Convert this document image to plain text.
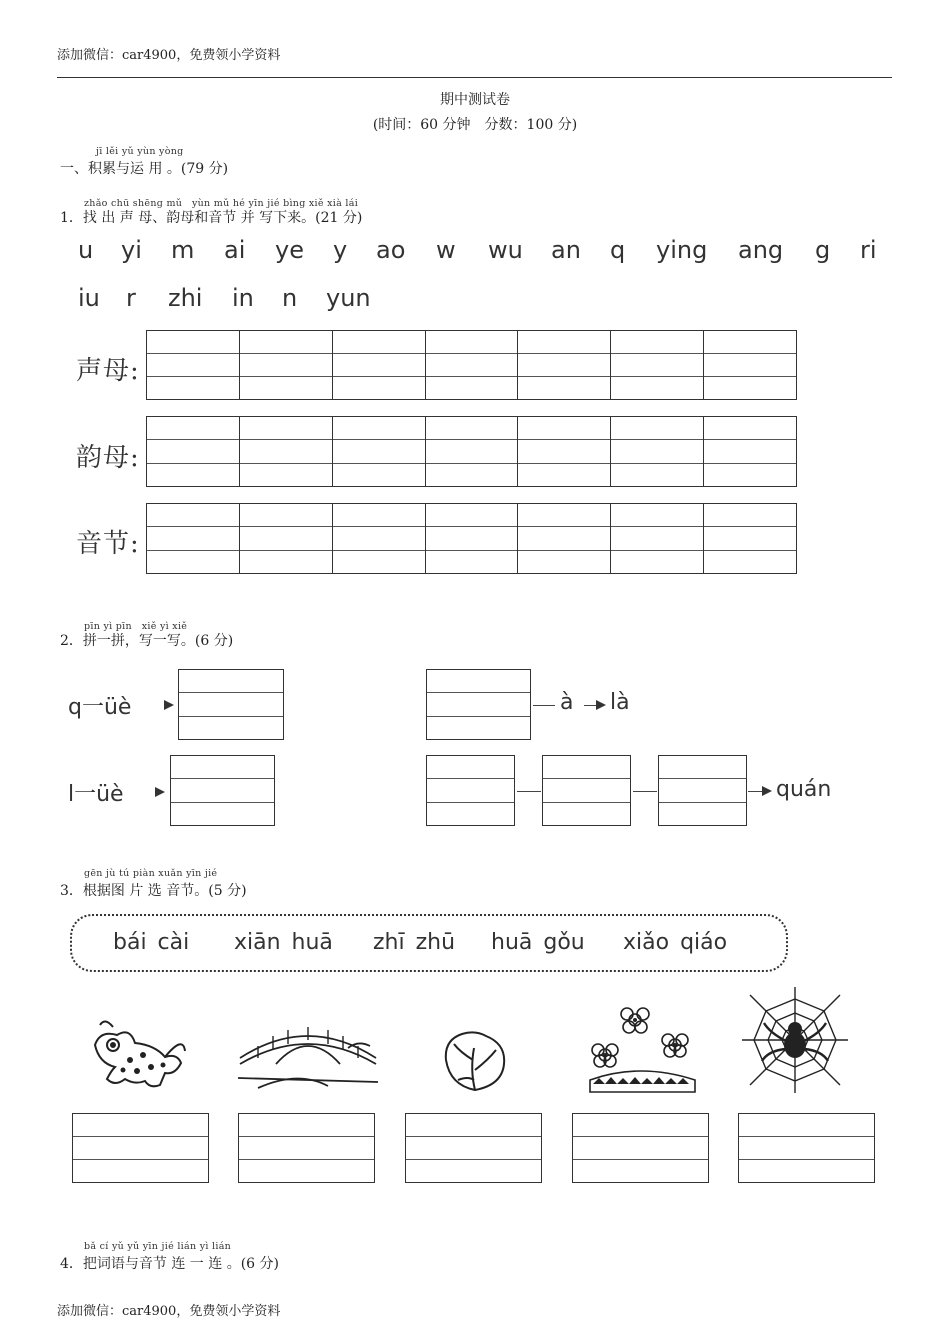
添加微信：car4900，免费领小学资料
期中测试卷
(时间：60 分钟　分数：100 分)
jī lěi yǔ yùn yòng
一、积累与运 用 。(79 分)
zhǎo chū shēng mǔ　yùn mǔ hé yīn jié bìng xiě xià lái
1．找 出 声 母、韵母和音节 并 写下来。(21 分)
u yi m ai ye y ao w wu an q ying ang g ri
iu r zhi in n yun
声母:
韵母:
音节:
pīn yì pīn　xiě yì xiě
2．拼一拼，写一写。(6 分)
q一üè	à là
l一üè	quán
gēn jù tú piàn xuǎn yīn jié
3．根据图 片 选 音节。(5 分)
bái cài xiān huā zhī zhū huā gǒu xiǎo qiáo
bǎ cí yǔ yǔ yīn jié lián yì lián
4．把词语与音节 连 一 连 。(6 分)
添加微信：car4900，免费领小学资料
